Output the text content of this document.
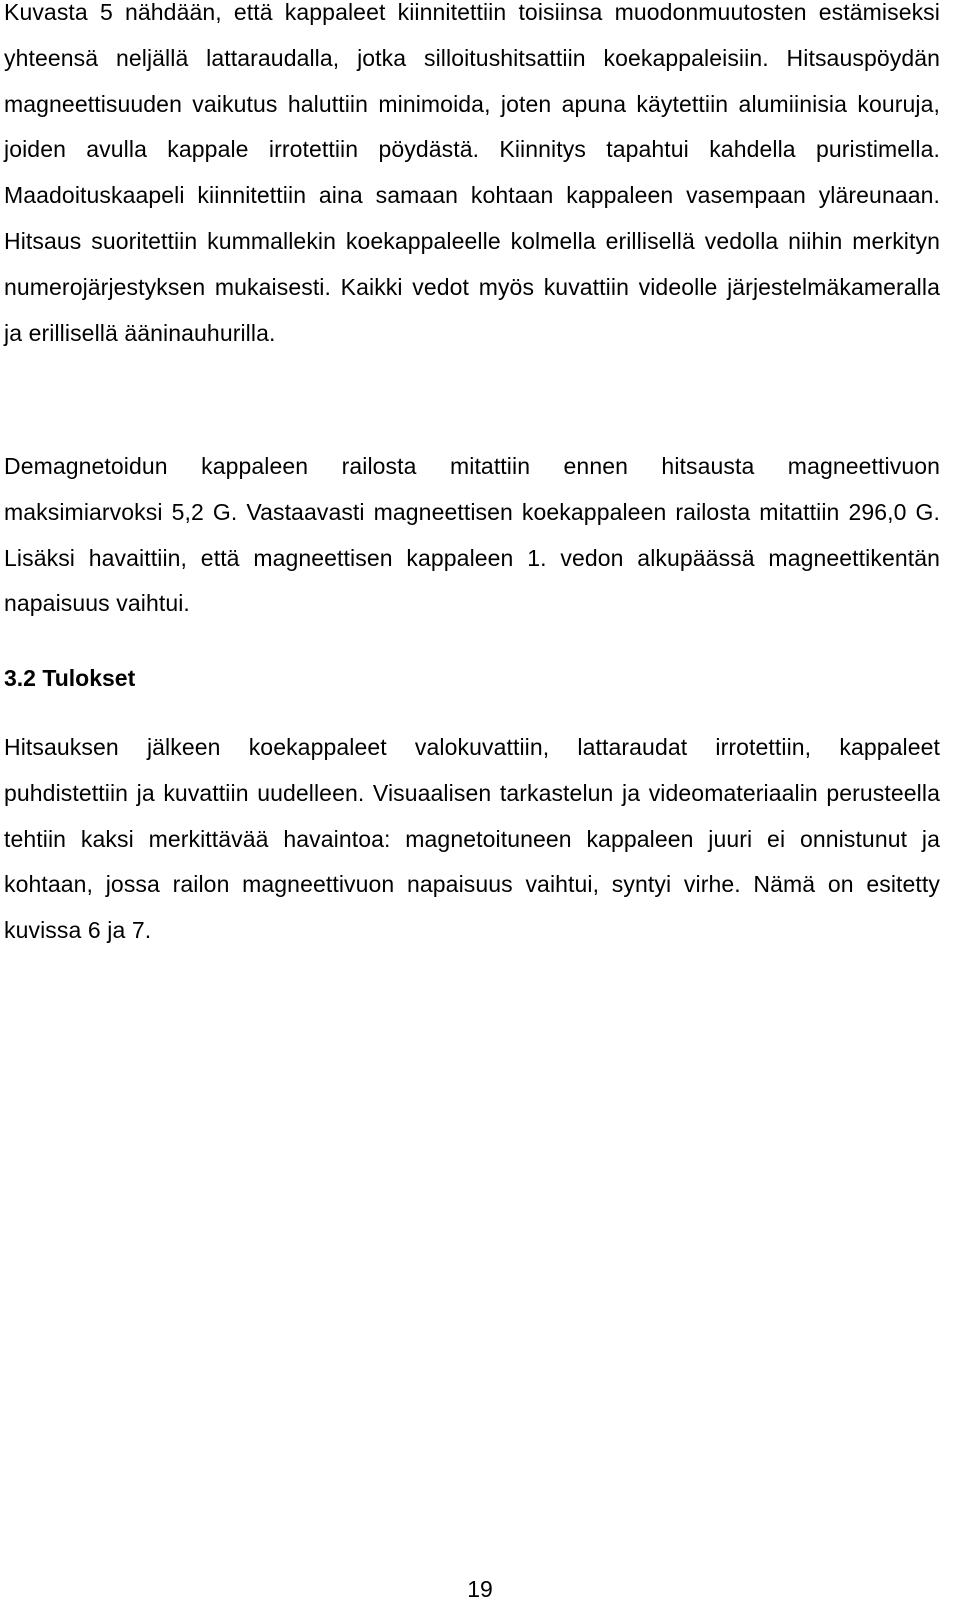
Kuvasta 5 nähdään, että kappaleet kiinnitettiin toisiinsa muodonmuutosten estämiseksi yhteensä neljällä lattaraudalla, jotka silloitushitsattiin koekappaleisiin. Hitsauspöydän magneettisuuden vaikutus haluttiin minimoida, joten apuna käytettiin alumiinisia kouruja, joiden avulla kappale irrotettiin pöydästä. Kiinnitys tapahtui kahdella puristimella. Maadoituskaapeli kiinnitettiin aina samaan kohtaan kappaleen vasempaan yläreunaan. Hitsaus suoritettiin kummallekin koekappaleelle kolmella erillisellä vedolla niihin merkityn numerojärjestyksen mukaisesti. Kaikki vedot myös kuvattiin videolle järjestelmäkameralla ja erillisellä ääninauhurilla.

Demagnetoidun kappaleen railosta mitattiin ennen hitsausta magneettivuon maksimiarvoksi 5,2 G. Vastaavasti magneettisen koekappaleen railosta mitattiin 296,0 G. Lisäksi havaittiin, että magneettisen kappaleen 1. vedon alkupäässä magneettikentän napaisuus vaihtui.

3.2 Tulokset

Hitsauksen jälkeen koekappaleet valokuvattiin, lattaraudat irrotettiin, kappaleet puhdistettiin ja kuvattiin uudelleen. Visuaalisen tarkastelun ja videomateriaalin perusteella tehtiin kaksi merkittävää havaintoa: magnetoituneen kappaleen juuri ei onnistunut ja kohtaan, jossa railon magneettivuon napaisuus vaihtui, syntyi virhe. Nämä on esitetty kuvissa 6 ja 7.

19
